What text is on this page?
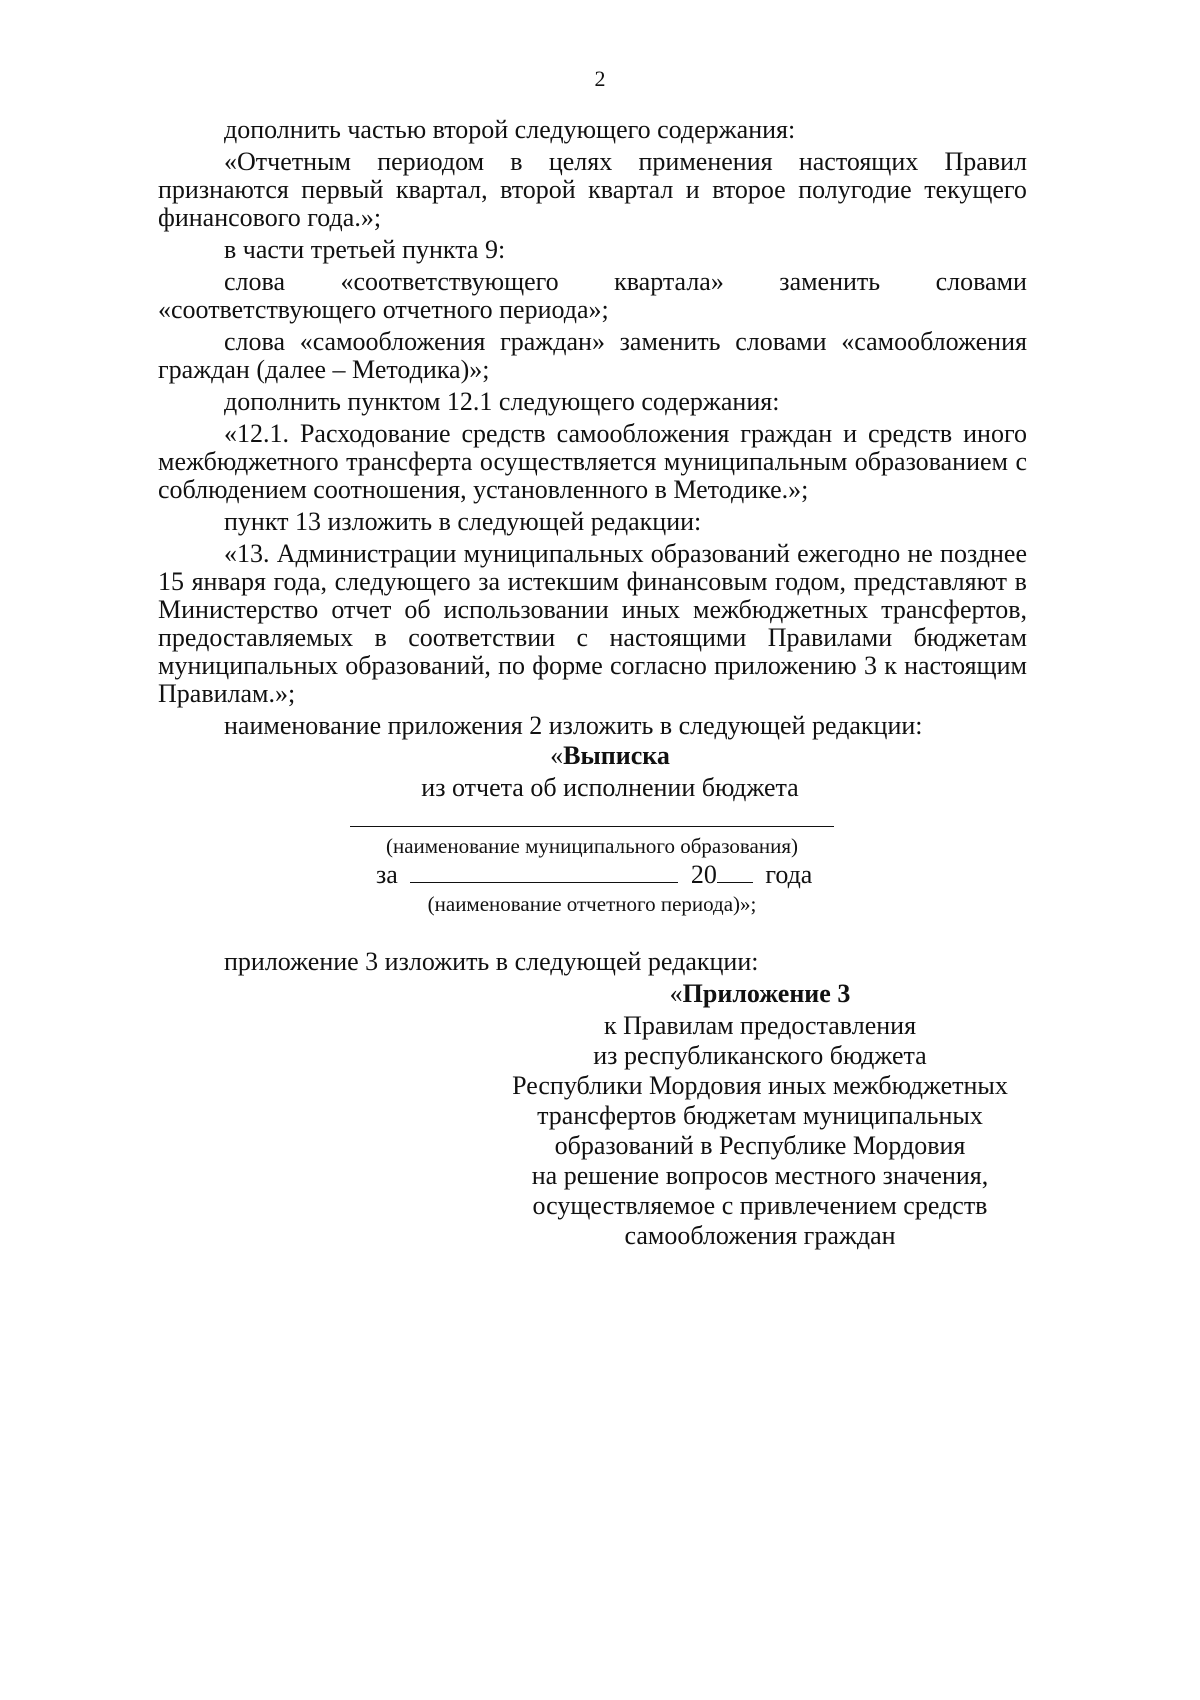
2
дополнить частью второй следующего содержания:
«Отчетным периодом в целях применения настоящих Правил
признаются первый квартал, второй квартал и второе полугодие текущего
финансового года.»;
в части третьей пункта 9:
слова «соответствующего квартала» заменить словами
«соответствующего отчетного периода»;
слова «самообложения граждан» заменить словами «самообложения
граждан (далее – Методика)»;
дополнить пунктом 12.1 следующего содержания:
«12.1. Расходование средств самообложения граждан и средств иного
межбюджетного трансферта осуществляется муниципальным образованием с
соблюдением соотношения, установленного в Методике.»;
пункт 13 изложить в следующей редакции:
«13. Администрации муниципальных образований ежегодно не позднее
15 января года, следующего за истекшим финансовым годом, представляют в
Министерство отчет об использовании иных межбюджетных трансфертов,
предоставляемых в соответствии с настоящими Правилами бюджетам
муниципальных образований, по форме согласно приложению 3 к настоящим
Правилам.»;
наименование приложения 2 изложить в следующей редакции:
«Выписка
из отчета об исполнении бюджета
(наименование муниципального образования)
за	20 года
(наименование отчетного периода)»;
приложение 3 изложить в следующей редакции:
«Приложение 3
к Правилам предоставления
из республиканского бюджета
Республики Мордовия иных межбюджетных
трансфертов бюджетам муниципальных
образований в Республике Мордовия
на решение вопросов местного значения,
осуществляемое с привлечением средств
самообложения граждан
